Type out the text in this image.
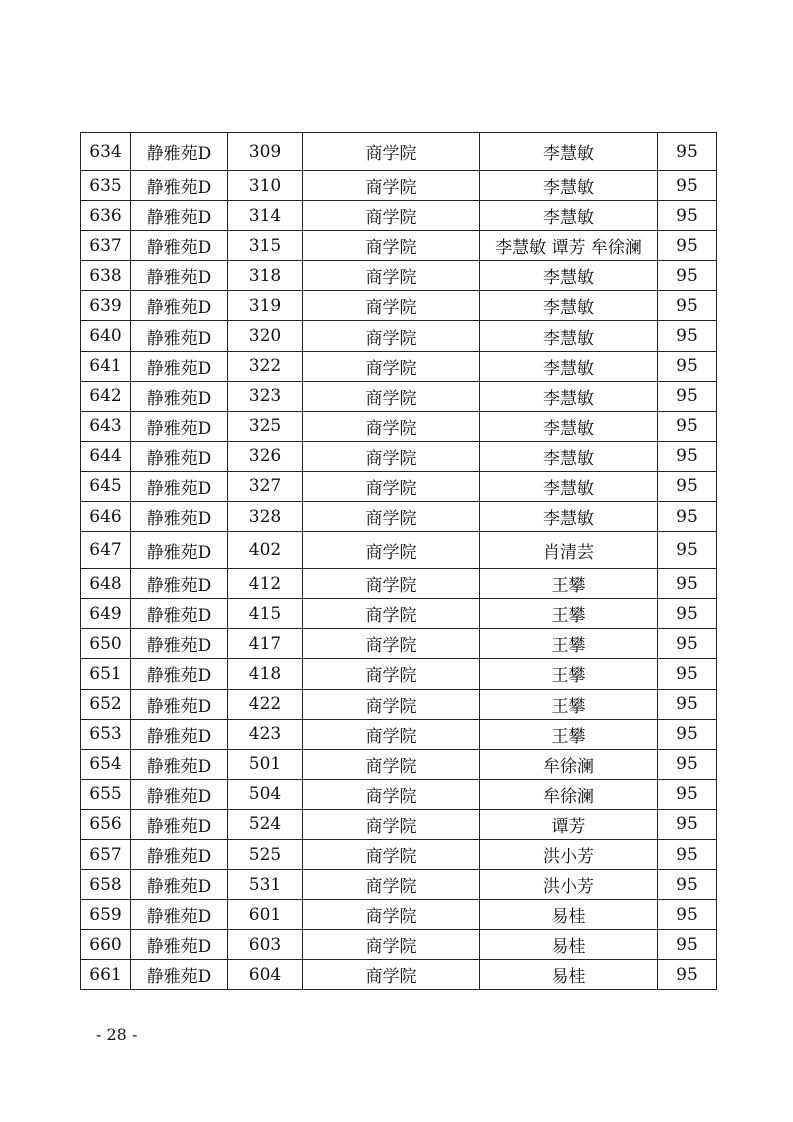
634	静雅苑D	309	商学院	李慧敏	95
635	静雅苑D	310	商学院	李慧敏	95
636	静雅苑D	314	商学院	李慧敏	95
637	静雅苑D	315	商学院	李慧敏 谭芳 牟徐澜	95
638	静雅苑D	318	商学院	李慧敏	95
639	静雅苑D	319	商学院	李慧敏	95
640	静雅苑D	320	商学院	李慧敏	95
641	静雅苑D	322	商学院	李慧敏	95
642	静雅苑D	323	商学院	李慧敏	95
643	静雅苑D	325	商学院	李慧敏	95
644	静雅苑D	326	商学院	李慧敏	95
645	静雅苑D	327	商学院	李慧敏	95
646	静雅苑D	328	商学院	李慧敏	95
647	静雅苑D	402	商学院	肖清芸	95
648	静雅苑D	412	商学院	王攀	95
649	静雅苑D	415	商学院	王攀	95
650	静雅苑D	417	商学院	王攀	95
651	静雅苑D	418	商学院	王攀	95
652	静雅苑D	422	商学院	王攀	95
653	静雅苑D	423	商学院	王攀	95
654	静雅苑D	501	商学院	牟徐澜	95
655	静雅苑D	504	商学院	牟徐澜	95
656	静雅苑D	524	商学院	谭芳	95
657	静雅苑D	525	商学院	洪小芳	95
658	静雅苑D	531	商学院	洪小芳	95
659	静雅苑D	601	商学院	易桂	95
660	静雅苑D	603	商学院	易桂	95
661	静雅苑D	604	商学院	易桂	95
- 28 -
